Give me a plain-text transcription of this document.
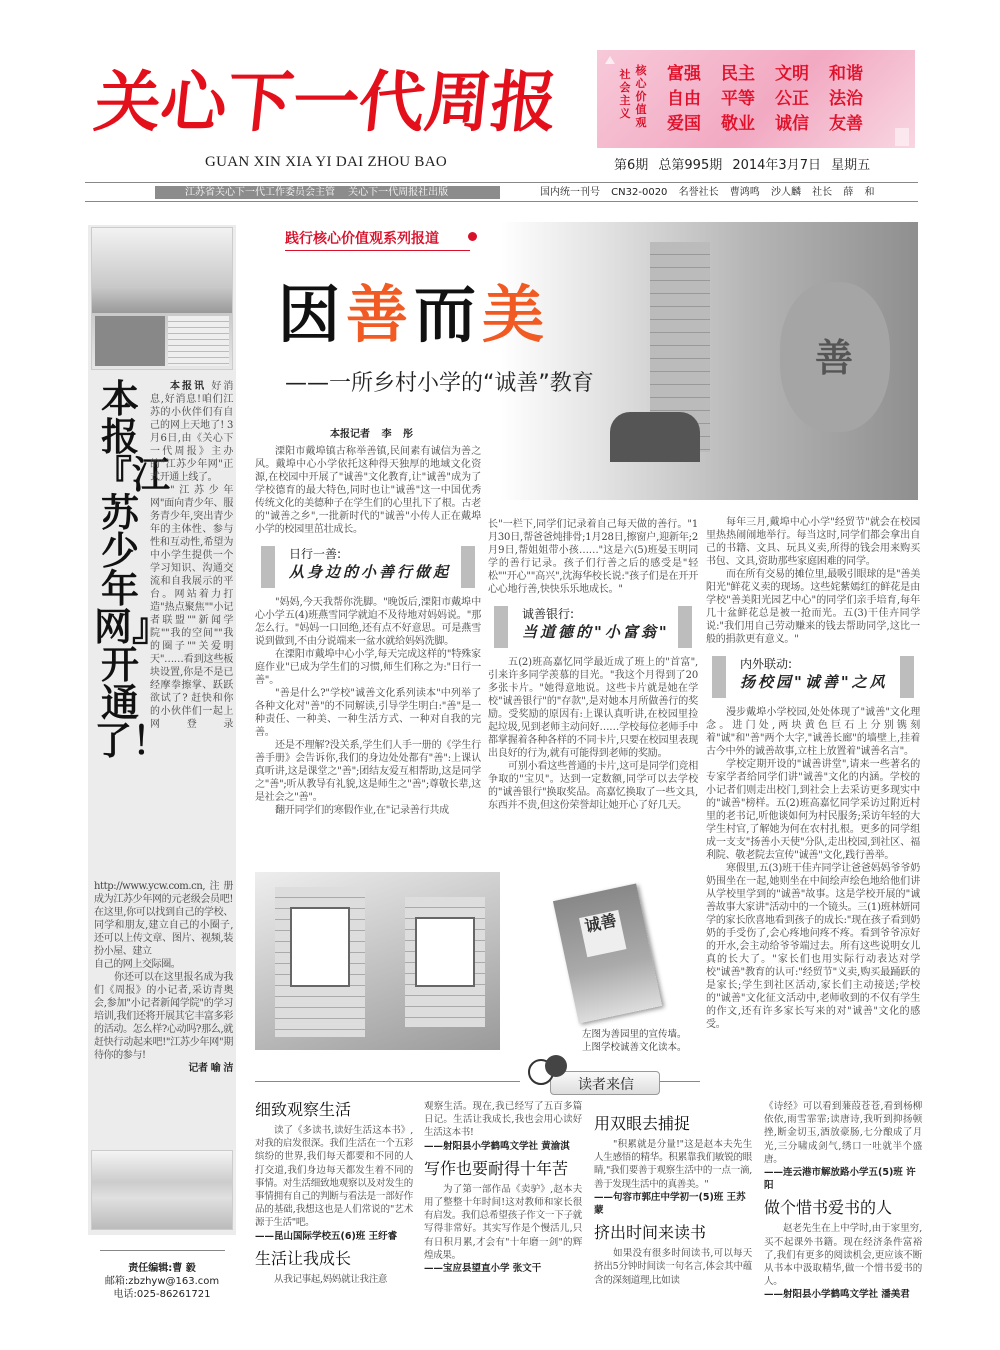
关心下一代周报
GUAN XIN XIA YI DAI ZHOU BAO
社会主义
核心价值观
富强	民主	文明	和谐
自由	平等	公正	法治
爱国	敬业	诚信	友善
第6期 总第995期 2014年3月7日 星期五
江苏省关心下一代工作委员会主管 关心下一代周报社出版	国内统一刊号 CN32-0020 名誉社长 曹鸿鸣 沙人麟 社长 薛 和
本报『江苏少年网』开通了！

本报讯 好消息,好消息!咱们江苏的小伙伴们有自己的网上天地了! 3月6日,由《关心下一代周报》主办的"江苏少年网"正式开通上线了。

"江苏少年网"面向青少年、服务青少年,突出青少年的主体性、参与性和互动性,希望为中小学生提供一个学习知识、沟通交流和自我展示的平台。网站着力打造"热点聚焦""小记者联盟""新闻学院""我的空间""我的圈子""关爱明天"……看到这些板块设置,你是不是已经摩拳擦掌、跃跃欲试了? 赶快和你的小伙伴们一起上网登录 http://www.ycw.com.cn,注册成为江苏少年网的元老级会员吧!在这里,你可以找到自己的学校、同学和朋友,建立自己的小圈子,还可以上传文章、图片、视频,装扮小屋、建立

自己的网上交际圈。

你还可以在这里报名成为我们《周报》的小记者,采访青奥会,参加"小记者新闻学院"的学习培训,我们还将开展其它丰富多彩的活动。怎么样?心动吗?那么,就赶快行动起来吧!"江苏少年网"期待你的参与!

记者 喻 洁
责任编辑:曹 毅
邮箱:zbzhyw@163.com
电话:025-86261721
善
践行核心价值观系列报道
因善而美
——一所乡村小学的“诚善”教育
本报记者 李 彤

溧阳市戴埠镇古称举善镇,民间素有诚信为善之风。戴埠中心小学依托这种得天独厚的地域文化资源,在校园中开展了"诚善"文化教育,让"诚善"成为了学校德育的最大特色,同时也让"诚善"这一中国优秀传统文化的美德种子在学生们的心里扎下了根。古老的"诚善之乡",一批新时代的"诚善"小传人正在戴埠小学的校园里茁壮成长。

日行一善:
从身边的小善行做起

"妈妈,今天我帮你洗脚。"晚饭后,溧阳市戴埠中心小学五(4)班燕雪同学就迫不及待地对妈妈说。"那怎么行。"妈妈一口回绝,还有点不好意思。可是燕雪说到做到,不由分说端来一盆水就给妈妈洗脚。

在溧阳市戴埠中心小学,每天完成这样的"特殊家庭作业"已成为学生们的习惯,师生们称之为:"日行一善"。

"善是什么?"学校"诚善文化系列读本"中列举了各种文化对"善"的不同解读,引导学生明白:"善"是一种责任、一种美、一种生活方式、一种对自我的完善。

还是不理解?没关系,学生们人手一册的《学生行善手册》会告诉你,我们的身边处处都有"善":上课认真听讲,这是课堂之"善";团结友爱互相帮助,这是同学之"善";听从教导有礼貌,这是师生之"善";尊敬长辈,这是社会之"善"。

翻开同学们的寒假作业,在"记录善行共成

长"一栏下,同学们记录着自己每天做的善行。"1月30日,帮爸爸炖排骨;1月28日,擦窗户,迎新年;2月9日,帮姐姐带小孩……"这是六(5)班晏玉明同学的善行记录。孩子们行善之后的感受是"轻松""开心""高兴",沈海华校长说:"孩子们是在开开心心地行善,快快乐乐地成长。"

诚善银行:
当道德的"小富翁"

五(2)班高嘉忆同学最近成了班上的"首富",引来许多同学羡慕的目光。"我这个月得到了20多张卡片。"她得意地说。这些卡片就是她在学校"诚善银行"的"存款",是对她本月所做善行的奖励。受奖励的原因有:上课认真听讲,在校园里捡起垃圾,见到老师主动问好……学校每位老师手中都掌握着各种各样的不同卡片,只要在校园里表现出良好的行为,就有可能得到老师的奖励。

可别小看这些普通的卡片,这可是同学们竞相争取的"宝贝"。达到一定数额,同学可以去学校的"诚善银行"换取奖品。高嘉忆换取了一些文具,东西并不贵,但这份荣誉却让她开心了好几天。

每年三月,戴埠中心小学"经贸节"就会在校园里热热闹闹地举行。每当这时,同学们都会拿出自己的书籍、文具、玩具义卖,所得的钱会用来购买书包、文具,资助那些家庭困难的同学。

而在所有交易的摊位里,最吸引眼球的是"善美阳光"鲜花义卖的现场。这些姹紫嫣红的鲜花是由学校"善美阳光园艺中心"的同学们亲手培育,每年几十盆鲜花总是被一抢而光。五(3)干佳卉同学说:"我们用自己劳动赚来的钱去帮助同学,这比一般的捐款更有意义。"

内外联动:
扬校园"诚善"之风

漫步戴埠小学校园,处处体现了"诚善"文化理念。进门处,两块黄色巨石上分别镌刻着"诚"和"善"两个大字,"诚善长廊"的墙壁上,挂着古今中外的诚善故事,立柱上放置着"诚善名言"。

学校定期开设的"诚善讲堂",请来一些著名的专家学者给同学们讲"诚善"文化的内涵。学校的小记者们则走出校门,到社会上去采访更多现实中的"诚善"榜样。五(2)班高嘉忆同学采访过附近村里的老书记,听他谈如何为村民服务;采访年轻的大学生村官,了解她为何在农村扎根。更多的同学组成一支支"扬善小天使"分队,走出校园,到社区、福利院、敬老院去宣传"诚善"文化,践行善举。

寒假里,五(3)班干佳卉同学让爸爸妈妈爷爷奶奶围坐在一起,她则坐在中间绘声绘色地给他们讲从学校里学到的"诚善"故事。这是学校开展的"诚善故事大家讲"活动中的一个镜头。三(1)班林妍同学的家长欣喜地看到孩子的成长:"现在孩子看到奶奶的手受伤了,会心疼地问疼不疼。看到爷爷凉好的开水,会主动给爷爷端过去。所有这些说明女儿真的长大了。"家长们也用实际行动表达对学校"诚善"教育的认可:"经贸节"义卖,购买最踊跃的是家长;学生到社区活动,家长们主动接送;学校的"诚善"文化征文活动中,老师收到的不仅有学生的作文,还有许多家长写来的对"诚善"文化的感受。

诚善
左图为善园里的宣传墙。
上图学校诚善文化读本。
读者来信
细致观察生活

读了《多读书,读好生活这本书》,对我的启发很深。我们生活在一个五彩缤纷的世界,我们每天都要和不同的人打交道,我们身边每天都发生着不同的事情。对生活细致地观察以及对发生的事情拥有自己的判断与看法是一部好作品的基础,我想这也是人们常说的"艺术源于生活"吧。

——昆山国际学校五(6)班 王纡睿
生活让我成长

从我记事起,妈妈就让我注意

观察生活。现在,我已经写了五百多篇日记。生活让我成长,我也会用心读好生活这本书!

——射阳县小学鹤鸣文学社 黄渝淇
写作也要耐得十年苦

为了第一部作品《卖驴》,赵本夫用了整整十年时间!这对教师和家长很有启发。我们总希望孩子作文一下子就写得非常好。其实写作是个慢活儿,只有日积月累,才会有"十年磨一剑"的辉煌成果。

——宝应县望直小学 张文干
用双眼去捕捉

"积累就是分量!"这是赵本夫先生人生感悟的精华。积累靠我们敏锐的眼睛,"我们要善于观察生活中的一点一滴,善于发现生活中的真善美。"

——句容市郭庄中学初一(5)班 王苏蒙
挤出时间来读书

如果没有很多时间读书,可以每天挤出5分钟时间读一句名言,体会其中蕴含的深刻道理,比如读

《诗经》可以看到蒹葭苍苍,看到杨柳依依,雨雪霏霏;读唐诗,我听到抑扬顿挫,断金切玉,酒放豪肠,七分酿成了月光,三分啸成剑气,绣口一吐就半个盛唐。

——连云港市解放路小学五(5)班 许 阳
做个惜书爱书的人

赵老先生在上中学时,由于家里穷,买不起课外书籍。现在经济条件富裕了,我们有更多的阅读机会,更应该不断从书本中汲取精华,做一个惜书爱书的人。

——射阳县小学鹤鸣文学社 潘美君
